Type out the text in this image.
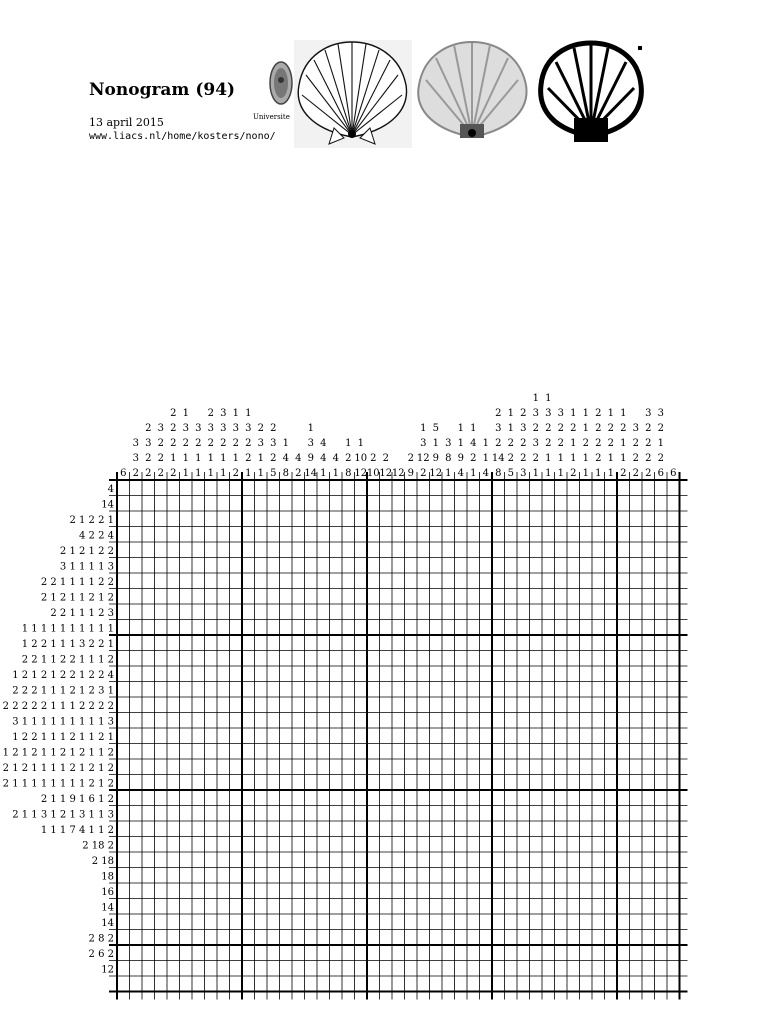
Nonogram (94)
13 april 2015
www.liacs.nl/home/kosters/nono/
Universite
6
3
3
2
2
3
2
2
3
2
2
2
2
2
2
1
2
1
3
2
1
1
3
2
1
1
2
3
2
1
1
3
3
2
1
1
1
3
2
1
2
1
3
2
2
1
2
3
1
1
2
3
2
5
1
4
8
4
2
1
3
9
14
4
4
1
4
1
1
2
8
1
10
12
2
10
2
12 12
2
9
1
3
12
2
5
1
9
12
3
8
1
1
1
9
4
1
4
2
1
1
1
4
2
3
2
14
8
1
1
2
2
5
2
3
2
2
3
1
3
2
3
2
1
1
3
2
2
1
1
3
2
2
1
1
1
2
1
1
2
1
1
2
1
1
2
2
2
2
1
1
2
2
1
1
1
2
1
1
2
3
2
2
2
3
2
2
2
2
3
2
1
2
6 6
4
14
2 1 2 2 1
4 2 2 4
2 1 2 1 2 2
3 1 1 1 1 3
2 2 1 1 1 1 2 2
2 1 2 1 1 2 1 2
2 2 1 1 1 2 3
1 1 1 1 1 1 1 1 1 1
1 2 2 1 1 1 3 2 2 1
2 2 1 1 2 2 1 1 1 2
1 2 1 2 1 2 2 1 2 2 4
2 2 2 1 1 1 2 1 2 3 1
2 2 2 2 2 1 1 1 2 2 2 2
3 1 1 1 1 1 1 1 1 1 3
1 2 2 1 1 1 2 1 1 2 1
1 2 1 2 1 1 2 1 2 1 1 2
2 1 2 1 1 1 1 2 1 2 1 2
2 1 1 1 1 1 1 1 1 2 1 2
2 1 1 9 1 6 1 2
2 1 1 3 1 2 1 3 1 1 3
1 1 1 7 4 1 1 2
2 18 2
2 18
18
16
14
14
2 8 2
2 6 2
12
